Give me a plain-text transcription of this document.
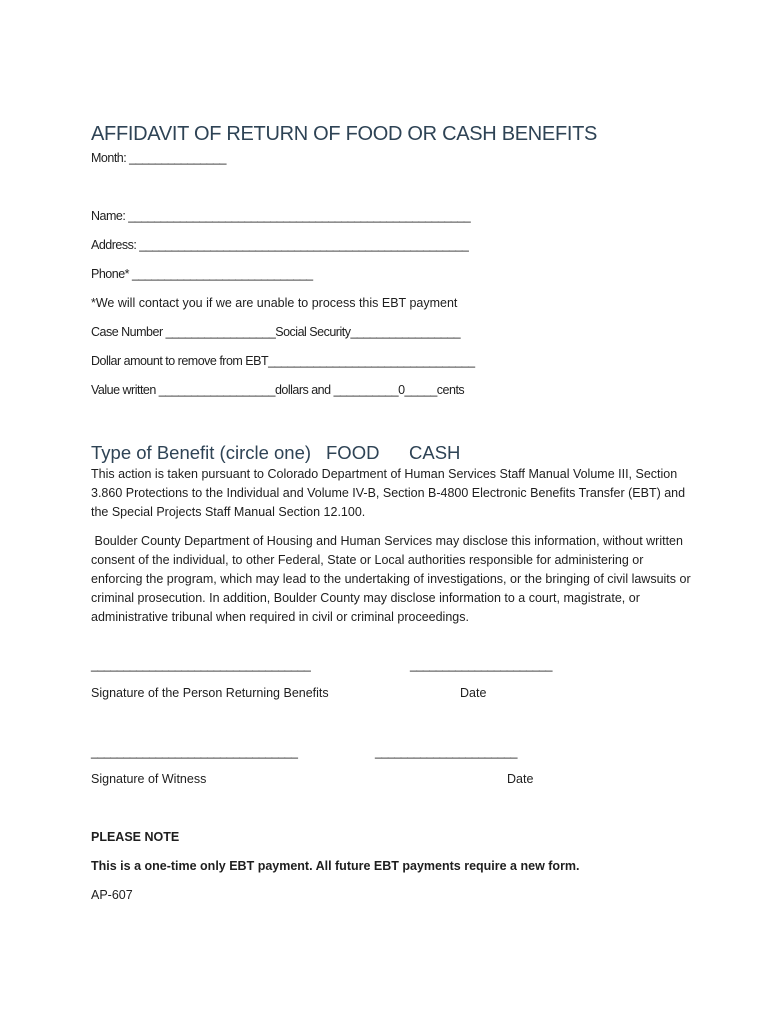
AFFIDAVIT OF RETURN OF FOOD OR CASH BENEFITS
Month: _______________
Name: _____________________________________________________
Address: ___________________________________________________
Phone* ____________________________
*We will contact you if we are unable to process this EBT payment
Case Number _________________Social Security_________________
Dollar amount to remove from EBT________________________________
Value written __________________dollars and __________0_____cents
Type of Benefit (circle one) FOOD CASH
This action is taken pursuant to Colorado Department of Human Services Staff Manual Volume III, Section 3.860 Protections to the Individual and Volume IV-B, Section B-4800 Electronic Benefits Transfer (EBT) and the Special Projects Staff Manual Section 12.100.
Boulder County Department of Housing and Human Services may disclose this information, without written consent of the individual, to other Federal, State or Local authorities responsible for administering or enforcing the program, which may lead to the undertaking of investigations, or the bringing of civil lawsuits or criminal prosecution. In addition, Boulder County may disclose information to a court, magistrate, or administrative tribunal when required in civil or criminal proceedings.
__________________________________	______________________
Signature of the Person Returning Benefits	Date
________________________________	______________________
Signature of Witness	Date
PLEASE NOTE
This is a one-time only EBT payment. All future EBT payments require a new form.
AP-607
